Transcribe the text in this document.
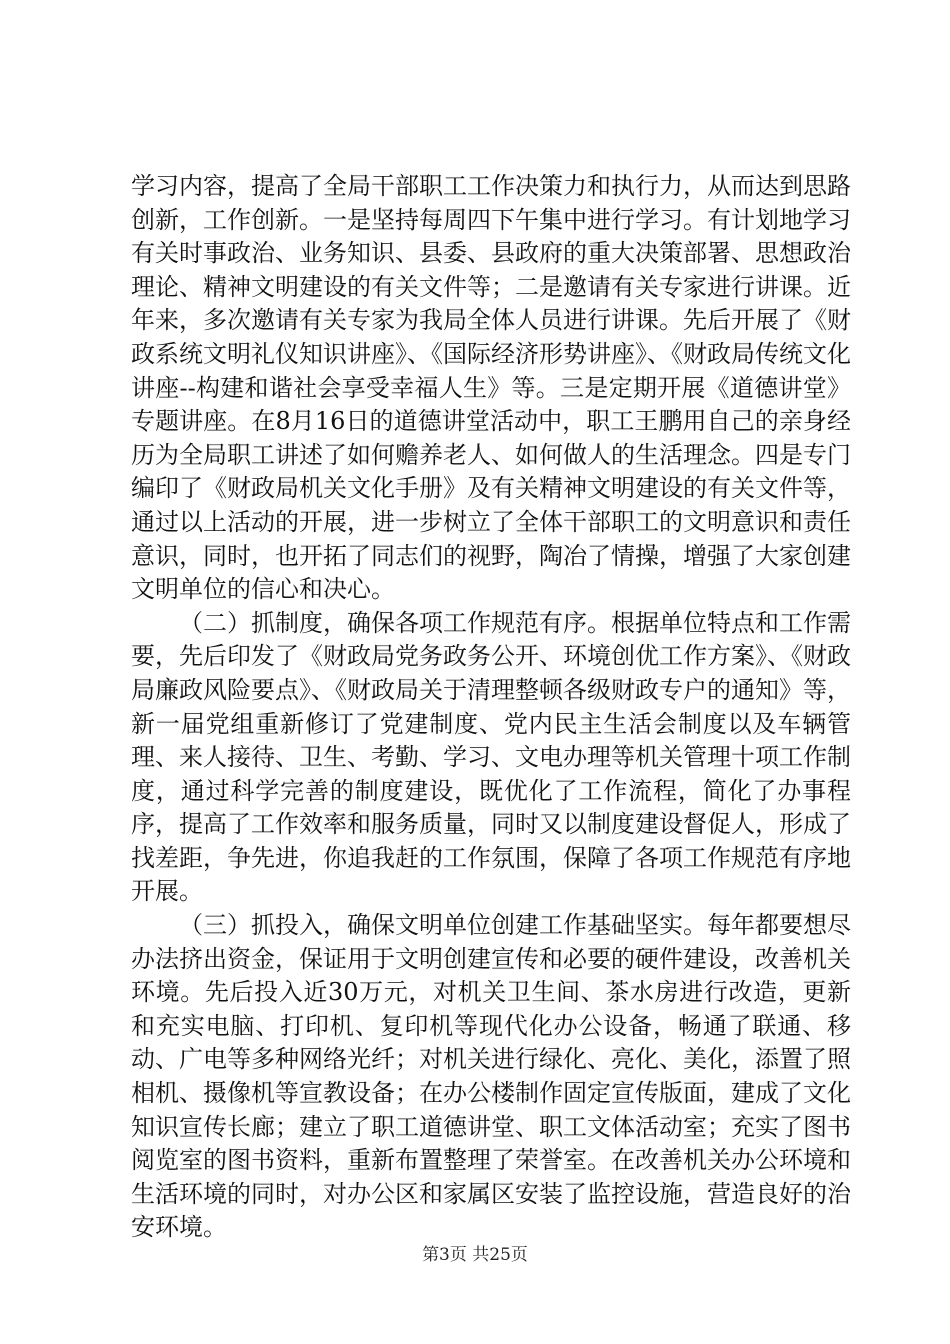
学习内容，提高了全局干部职工工作决策力和执行力，从而达到思路创新，工作创新。一是坚持每周四下午集中进行学习。有计划地学习有关时事政治、业务知识、县委、县政府的重大决策部署、思想政治理论、精神文明建设的有关文件等；二是邀请有关专家进行讲课。近年来，多次邀请有关专家为我局全体人员进行讲课。先后开展了《财政系统文明礼仪知识讲座》、《国际经济形势讲座》、《财政局传统文化讲座--构建和谐社会享受幸福人生》等。三是定期开展《道德讲堂》专题讲座。在8月16日的道德讲堂活动中，职工王鹏用自己的亲身经历为全局职工讲述了如何赡养老人、如何做人的生活理念。四是专门编印了《财政局机关文化手册》及有关精神文明建设的有关文件等，通过以上活动的开展，进一步树立了全体干部职工的文明意识和责任意识，同时，也开拓了同志们的视野，陶冶了情操，增强了大家创建文明单位的信心和决心。

（二）抓制度，确保各项工作规范有序。根据单位特点和工作需要，先后印发了《财政局党务政务公开、环境创优工作方案》、《财政局廉政风险要点》、《财政局关于清理整顿各级财政专户的通知》等，新一届党组重新修订了党建制度、党内民主生活会制度以及车辆管理、来人接待、卫生、考勤、学习、文电办理等机关管理十项工作制度，通过科学完善的制度建设，既优化了工作流程，简化了办事程序，提高了工作效率和服务质量，同时又以制度建设督促人，形成了找差距，争先进，你追我赶的工作氛围，保障了各项工作规范有序地开展。

（三）抓投入，确保文明单位创建工作基础坚实。每年都要想尽办法挤出资金，保证用于文明创建宣传和必要的硬件建设，改善机关环境。先后投入近30万元，对机关卫生间、茶水房进行改造，更新和充实电脑、打印机、复印机等现代化办公设备，畅通了联通、移动、广电等多种网络光纤；对机关进行绿化、亮化、美化，添置了照相机、摄像机等宣教设备；在办公楼制作固定宣传版面，建成了文化知识宣传长廊；建立了职工道德讲堂、职工文体活动室；充实了图书阅览室的图书资料，重新布置整理了荣誉室。在改善机关办公环境和生活环境的同时，对办公区和家属区安装了监控设施，营造良好的治安环境。

第3页 共25页
